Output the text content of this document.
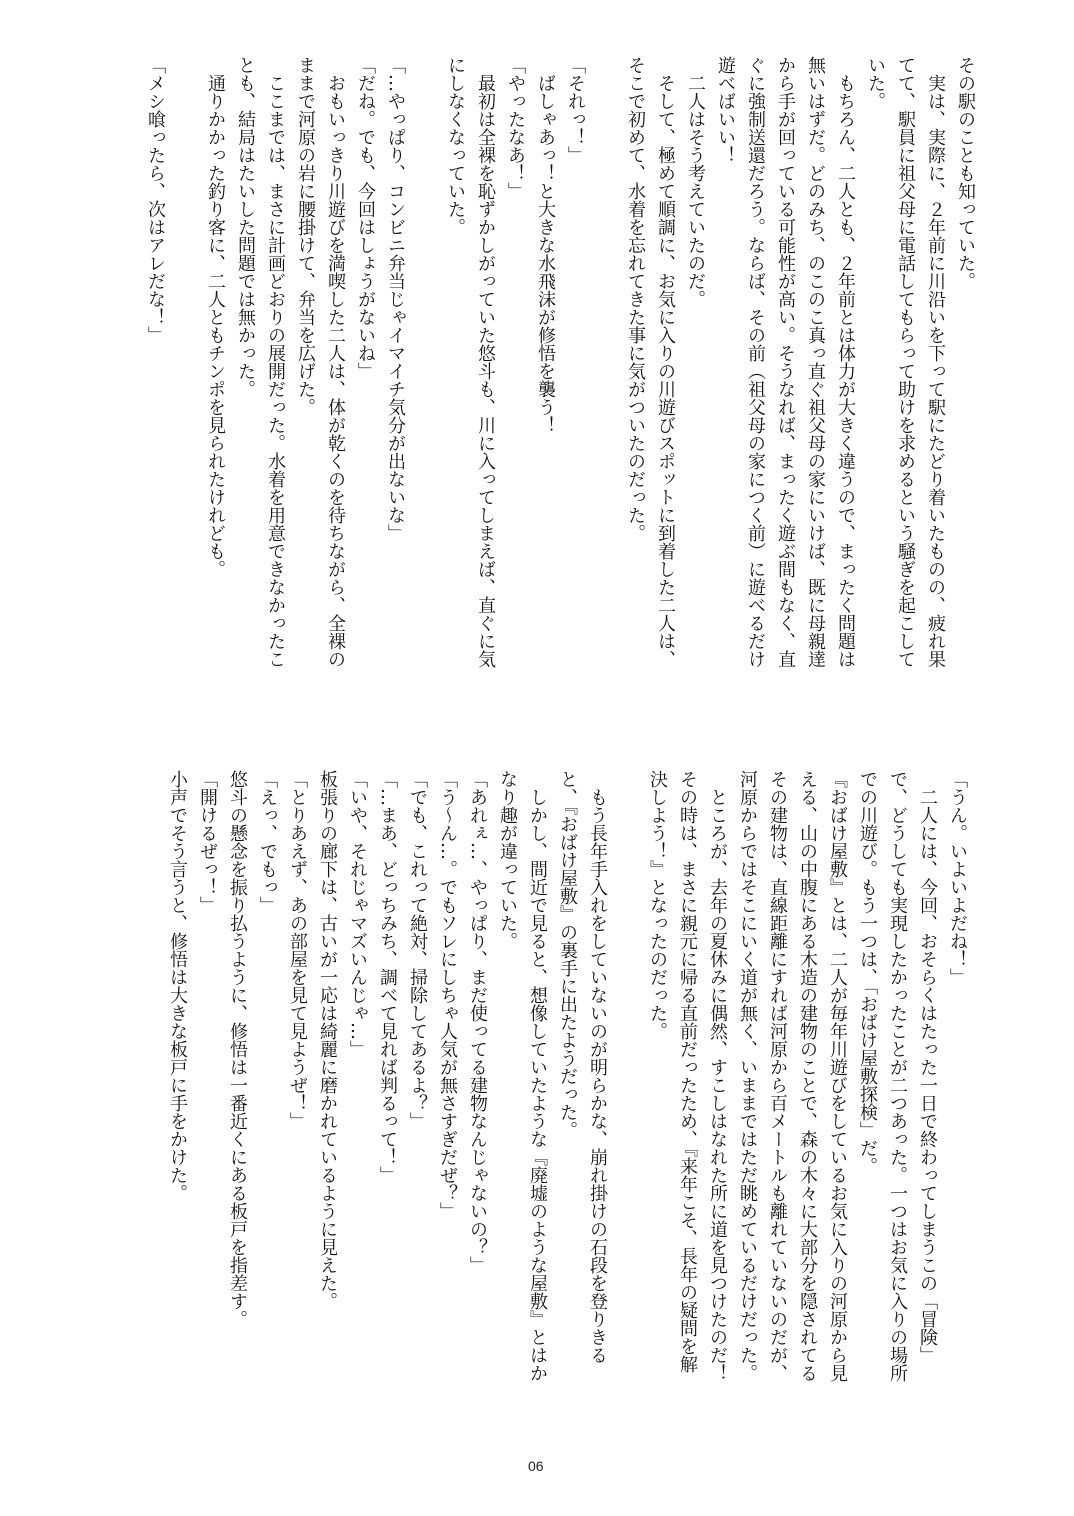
その駅のことも知っていた。
　実は、実際に、２年前に川沿いを下って駅にたどり着いたものの、疲れ果
てて、駅員に祖父母に電話してもらって助けを求めるという騒ぎを起こして
いた。
　もちろん、二人とも、２年前とは体力が大きく違うので、まったく問題は
無いはずだ。どのみち、のこのこ真っ直ぐ祖父母の家にいけば、既に母親達
から手が回っている可能性が高い。そうなれば、まったく遊ぶ間もなく、直
ぐに強制送還だろう。ならば、その前（祖父母の家につく前）に遊べるだけ
遊べばいい！
　二人はそう考えていたのだ。
　そして、極めて順調に、お気に入りの川遊びスポットに到着した二人は、
そこで初めて、水着を忘れてきた事に気がついたのだった。
「それっ！」
　ばしゃあっ！と大きな水飛沫が修悟を襲う！
「やったなあ！」
　最初は全裸を恥ずかしがっていた悠斗も、川に入ってしまえば、直ぐに気
にしなくなっていた。
「…やっぱり、コンビニ弁当じゃイマイチ気分が出ないな」
「だね。でも、今回はしょうがないね」
　おもいっきり川遊びを満喫した二人は、体が乾くのを待ちながら、全裸の
ままで河原の岩に腰掛けて、弁当を広げた。
　ここまでは、まさに計画どおりの展開だった。水着を用意できなかったこ
とも、結局はたいした問題では無かった。
　通りかかった釣り客に、二人ともチンポを見られたけれども。
「メシ喰ったら、次はアレだな！」
「うん。いよいよだね！」
　二人には、今回、おそらくはたった一日で終わってしまうこの「冒険」
で、どうしても実現したかったことが二つあった。一つはお気に入りの場所
での川遊び。もう一つは、「おばけ屋敷探検」だ。
『おばけ屋敷』とは、二人が毎年川遊びをしているお気に入りの河原から見
える、山の中腹にある木造の建物のことで、森の木々に大部分を隠されてる
その建物は、直線距離にすれば河原から百メートルも離れていないのだが、
河原からではそこにいく道が無く、いままではただ眺めているだけだった。
　ところが、去年の夏休みに偶然、すこしはなれた所に道を見つけたのだ！
その時は、まさに親元に帰る直前だったため、『来年こそ、長年の疑問を解
決しよう！』となったのだった。
　もう長年手入れをしていないのが明らかな、崩れ掛けの石段を登りきる
と、『おばけ屋敷』の裏手に出たようだった。
　しかし、間近で見ると、想像していたような『廃墟のような屋敷』とはか
なり趣が違っていた。
「あれぇ…、やっぱり、まだ使ってる建物なんじゃないの？」
「う～ん…。でもソレにしちゃ人気が無さすぎだぜ？」
「でも、これって絶対、掃除してあるよ？」
「…まあ、どっちみち、調べて見れば判るって！」
「いや、それじゃマズいんじゃ…」
板張りの廊下は、古いが一応は綺麗に磨かれているように見えた。
「とりあえず、あの部屋を見て見ようぜ！」
「えっ、でもっ」
悠斗の懸念を振り払うように、修悟は一番近くにある板戸を指差す。
「開けるぜっ！」
小声でそう言うと、修悟は大きな板戸に手をかけた。
06
